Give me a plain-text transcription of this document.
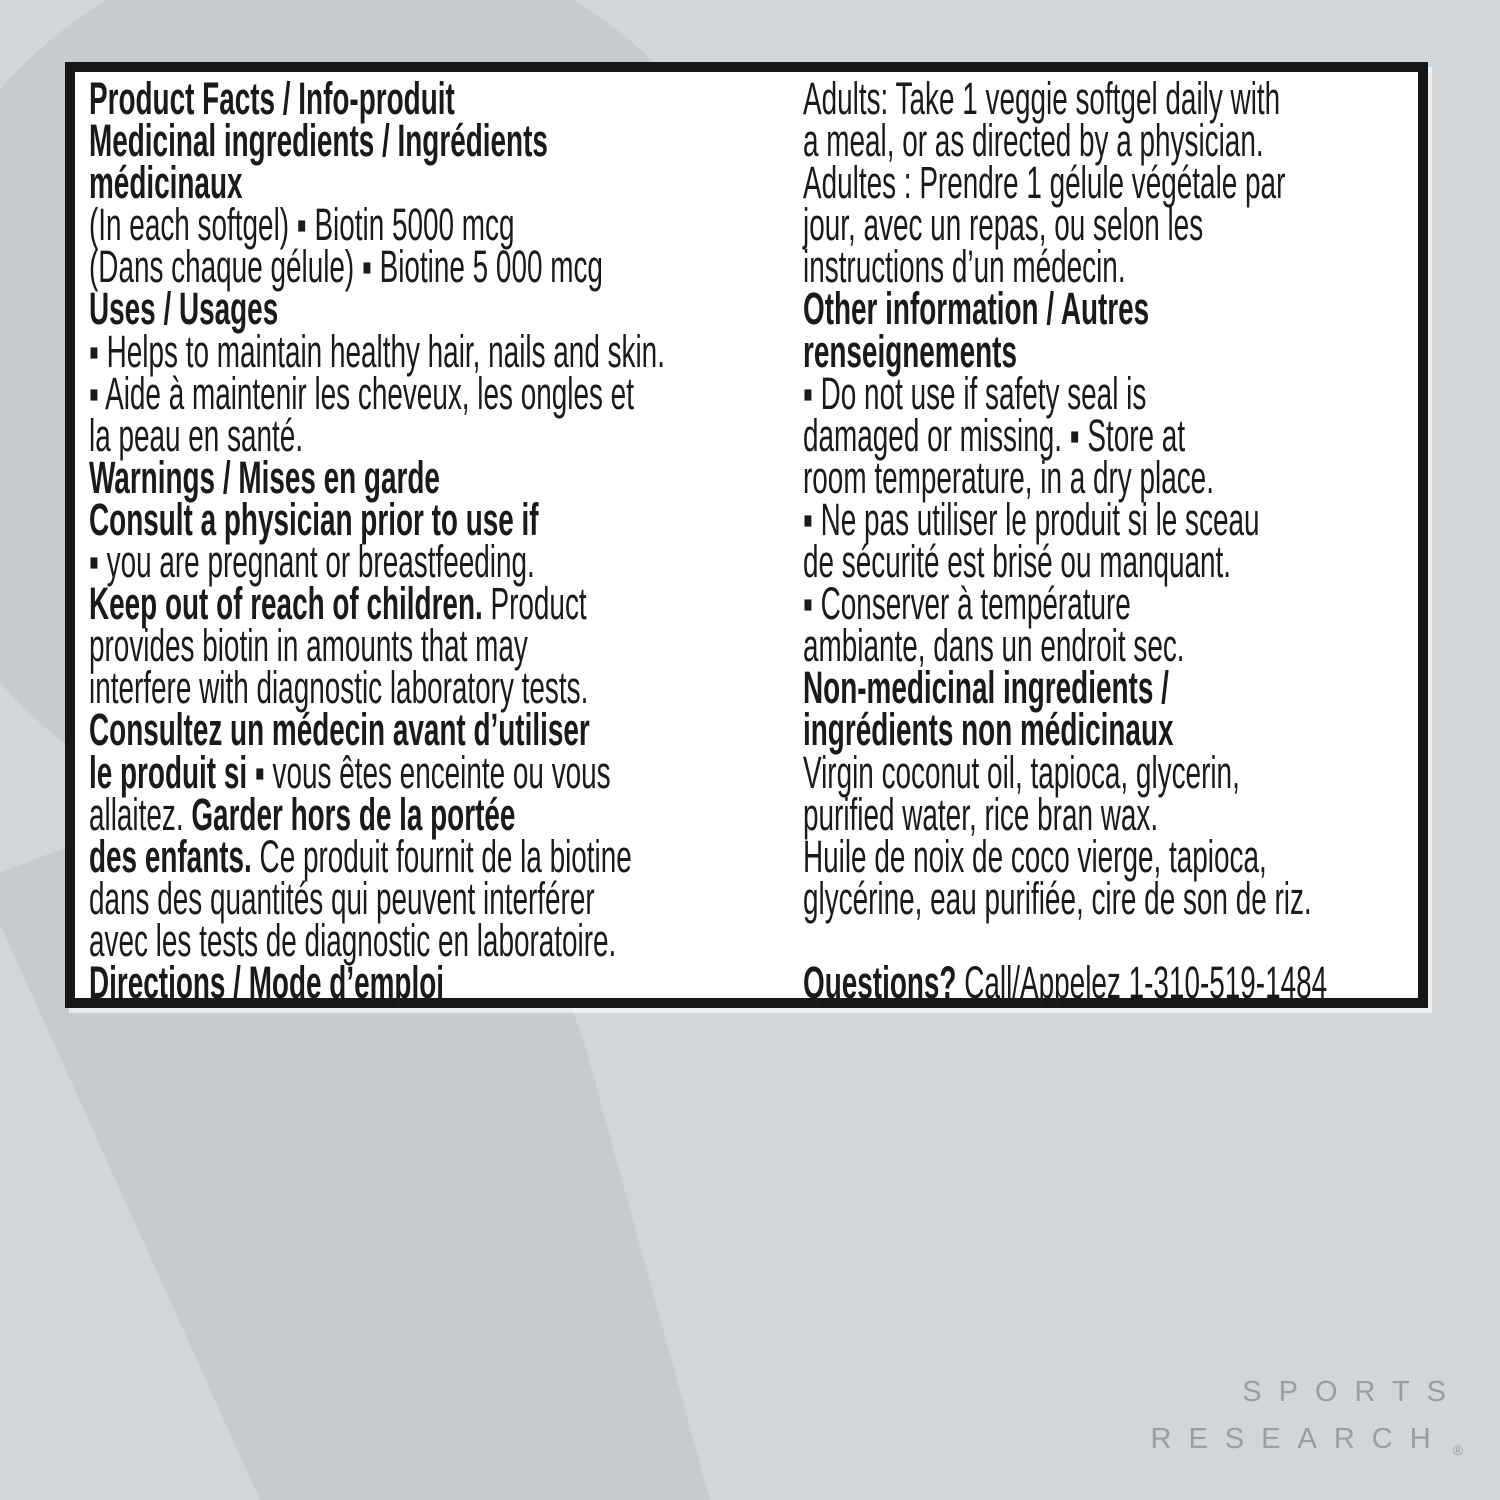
Product Facts / Info-produit
Medicinal ingredients / Ingrédients
médicinaux
(In each softgel) ▪ Biotin 5000 mcg
(Dans chaque gélule) ▪ Biotine 5 000 mcg
Uses / Usages
▪ Helps to maintain healthy hair, nails and skin.
▪ Aide à maintenir les cheveux, les ongles et
la peau en santé.
Warnings / Mises en garde
Consult a physician prior to use if
▪ you are pregnant or breastfeeding.
Keep out of reach of children. Product
provides biotin in amounts that may
interfere with diagnostic laboratory tests.
Consultez un médecin avant d’utiliser
le produit si ▪ vous êtes enceinte ou vous
allaitez. Garder hors de la portée
des enfants. Ce produit fournit de la biotine
dans des quantités qui peuvent interférer
avec les tests de diagnostic en laboratoire.
Directions / Mode d’emploi
Adults: Take 1 veggie softgel daily with
a meal, or as directed by a physician.
Adultes : Prendre 1 gélule végétale par
jour, avec un repas, ou selon les
instructions d’un médecin.
Other information / Autres
renseignements
▪ Do not use if safety seal is
damaged or missing. ▪ Store at
room temperature, in a dry place.
▪ Ne pas utiliser le produit si le sceau
de sécurité est brisé ou manquant.
▪ Conserver à température
ambiante, dans un endroit sec.
Non-medicinal ingredients /
ingrédients non médicinaux
Virgin coconut oil, tapioca, glycerin,
purified water, rice bran wax.
Huile de noix de coco vierge, tapioca,
glycérine, eau purifiée, cire de son de riz.
Questions? Call/Appelez 1-310-519-1484
SPORTS
RESEARCH $_®$
